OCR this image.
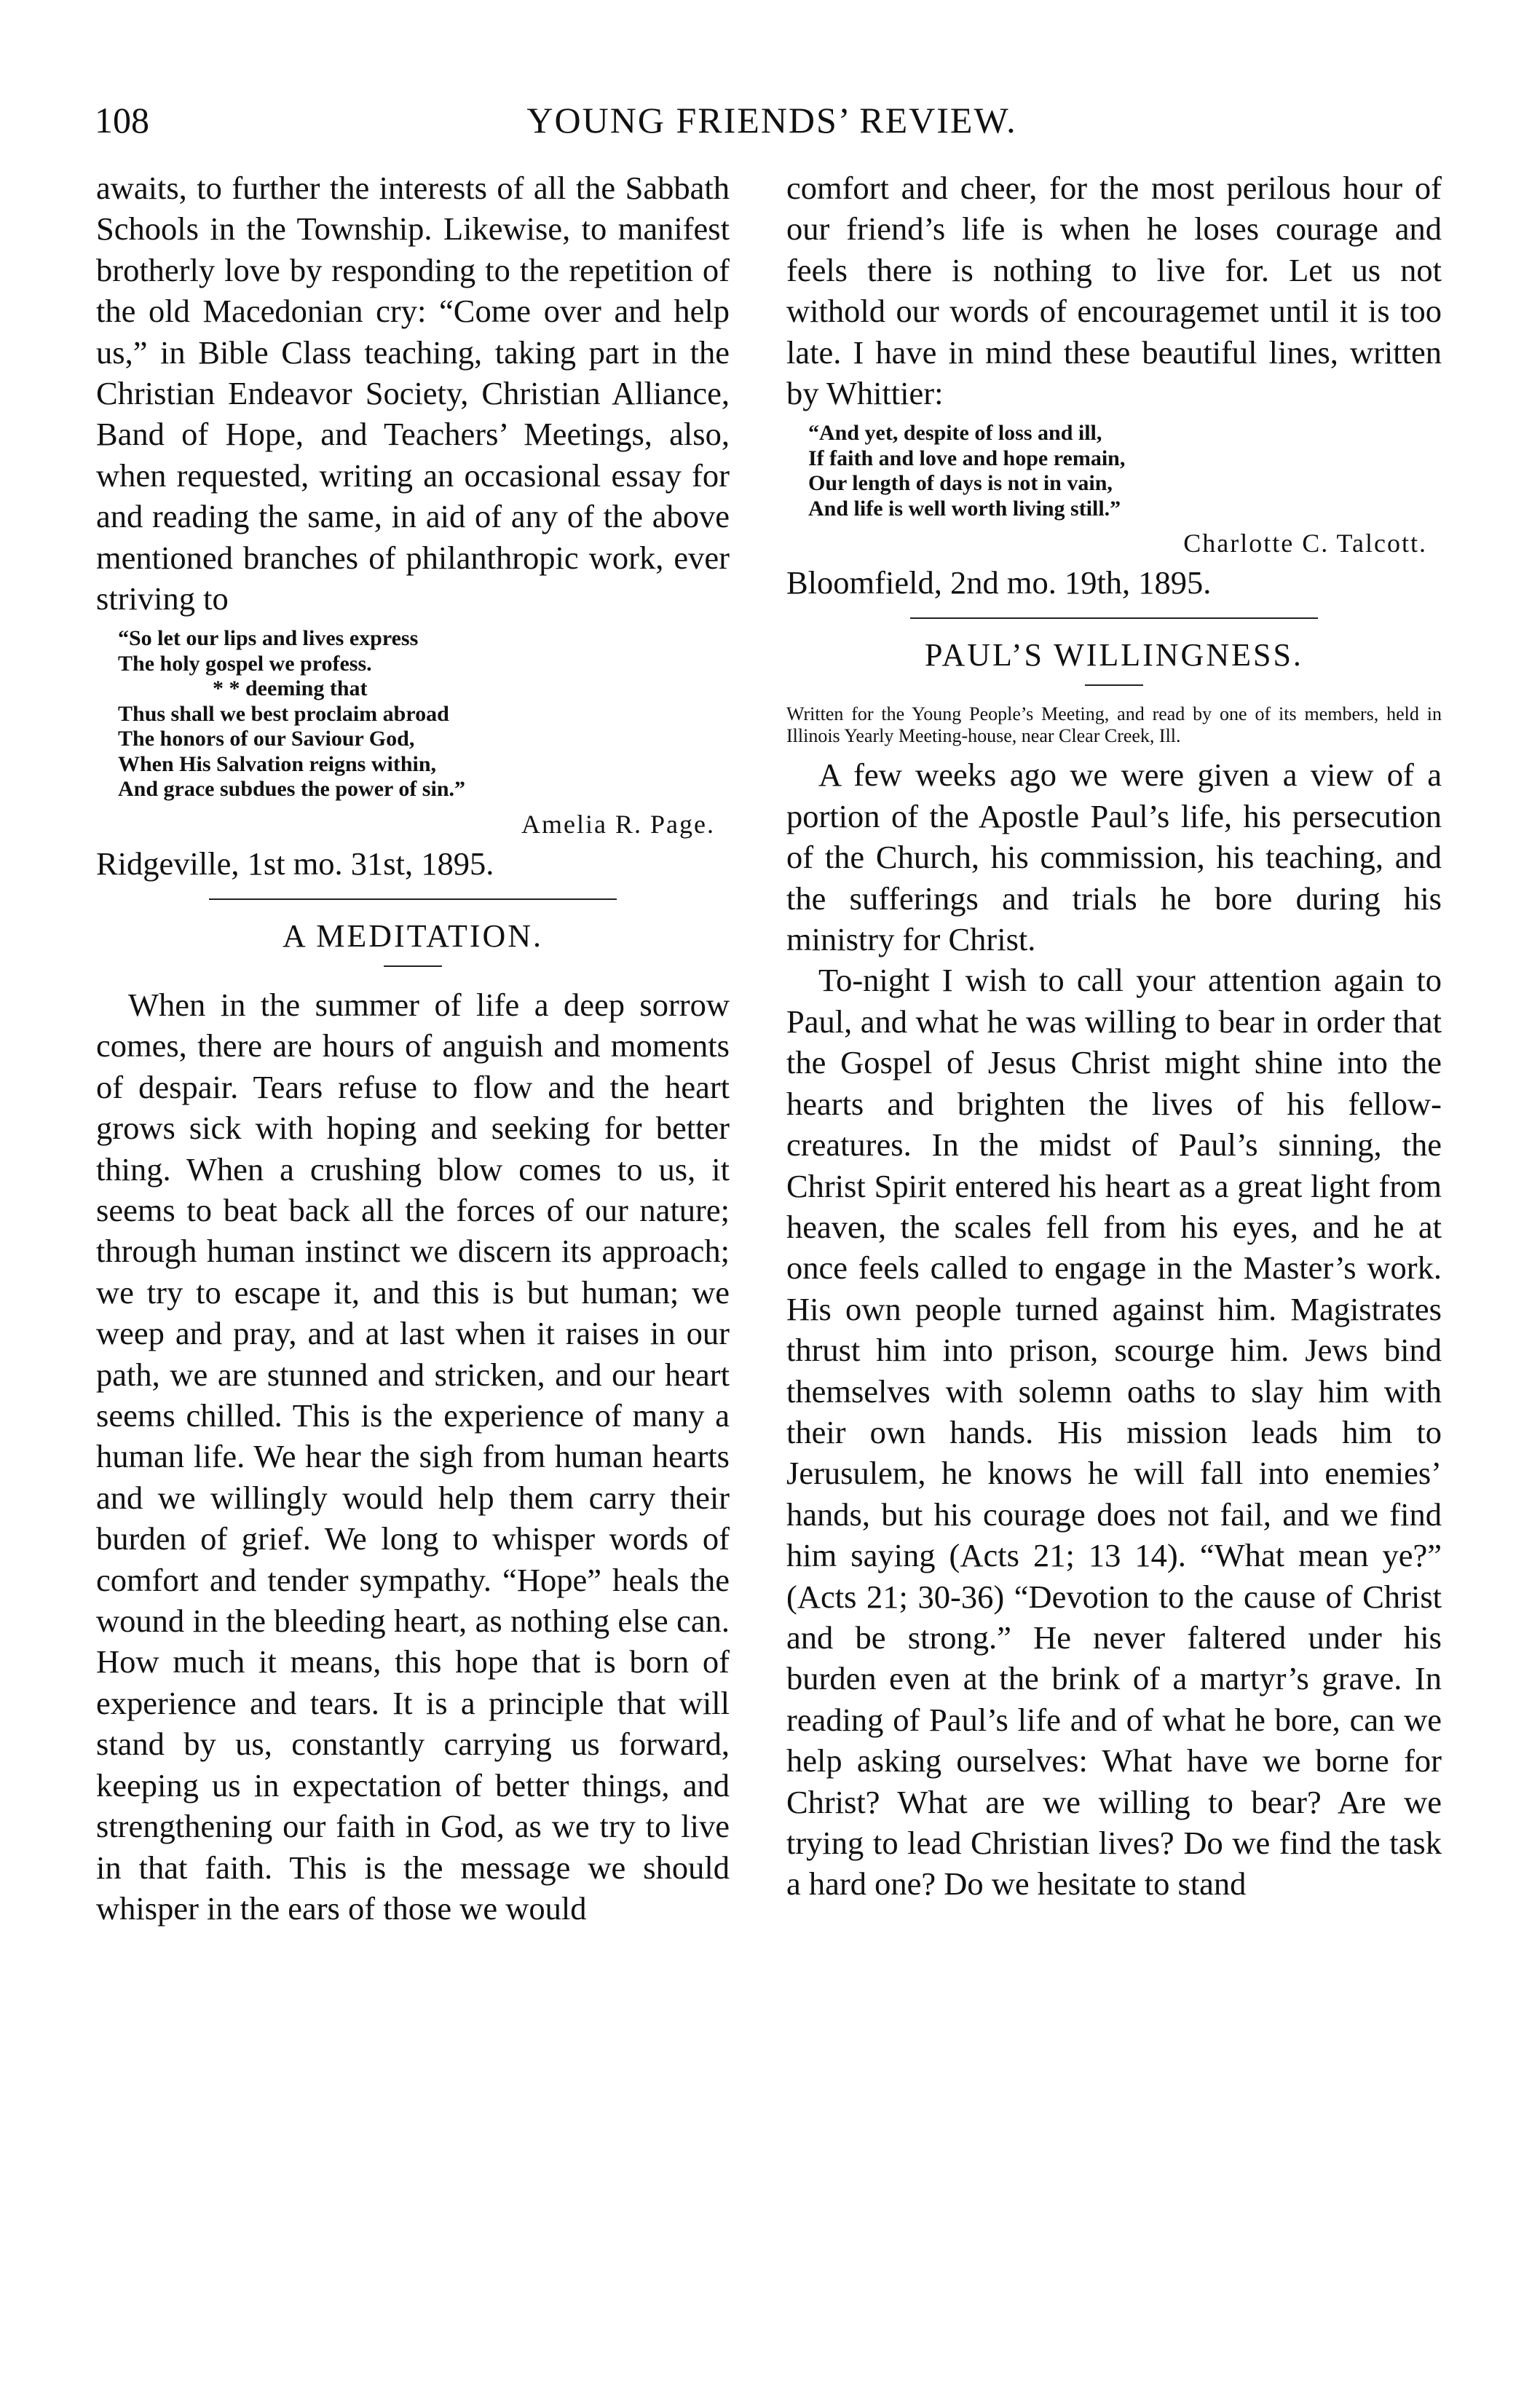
108	YOUNG FRIENDS’ REVIEW.

awaits, to further the interests of all the Sabbath Schools in the Township. Likewise, to manifest brotherly love by responding to the repetition of the old Macedonian cry: “Come over and help us,” in Bible Class teaching, taking part in the Christian Endeavor Society, Christian Alliance, Band of Hope, and Teachers’ Meetings, also, when requested, writing an occasional essay for and reading the same, in aid of any of the above mentioned branches of philanthropic work, ever striving to

“So let our lips and lives express
The holy gospel we profess.
* * deeming that
Thus shall we best proclaim abroad
The honors of our Saviour God,
When His Salvation reigns within,
And grace subdues the power of sin.”

Amelia R. Page.

Ridgeville, 1st mo. 31st, 1895.

A MEDITATION.

When in the summer of life a deep sorrow comes, there are hours of anguish and moments of despair. Tears refuse to flow and the heart grows sick with hoping and seeking for better thing. When a crushing blow comes to us, it seems to beat back all the forces of our nature; through human instinct we discern its approach; we try to escape it, and this is but human; we weep and pray, and at last when it raises in our path, we are stunned and stricken, and our heart seems chilled. This is the experience of many a human life. We hear the sigh from human hearts and we willingly would help them carry their burden of grief. We long to whisper words of comfort and tender sympathy. “Hope” heals the wound in the bleeding heart, as nothing else can. How much it means, this hope that is born of experience and tears. It is a principle that will stand by us, constantly carrying us forward, keeping us in expectation of better things, and strengthening our faith in God, as we try to live in that faith. This is the message we should whisper in the ears of those we would

comfort and cheer, for the most perilous hour of our friend’s life is when he loses courage and feels there is nothing to live for. Let us not withold our words of encouragemet until it is too late. I have in mind these beautiful lines, written by Whittier:

“And yet, despite of loss and ill,
If faith and love and hope remain,
Our length of days is not in vain,
And life is well worth living still.”

Charlotte C. Talcott.

Bloomfield, 2nd mo. 19th, 1895.

PAUL’S WILLINGNESS.

Written for the Young People’s Meeting, and read by one of its members, held in Illinois Yearly Meeting-house, near Clear Creek, Ill.

A few weeks ago we were given a view of a portion of the Apostle Paul’s life, his persecution of the Church, his commission, his teaching, and the sufferings and trials he bore during his ministry for Christ.

To-night I wish to call your attention again to Paul, and what he was willing to bear in order that the Gospel of Jesus Christ might shine into the hearts and brighten the lives of his fellow-creatures. In the midst of Paul’s sinning, the Christ Spirit entered his heart as a great light from heaven, the scales fell from his eyes, and he at once feels called to engage in the Master’s work. His own people turned against him. Magistrates thrust him into prison, scourge him. Jews bind themselves with solemn oaths to slay him with their own hands. His mission leads him to Jerusulem, he knows he will fall into enemies’ hands, but his courage does not fail, and we find him saying (Acts 21; 13 14). “What mean ye?” (Acts 21; 30-36) “Devotion to the cause of Christ and be strong.” He never faltered under his burden even at the brink of a martyr’s grave. In reading of Paul’s life and of what he bore, can we help asking ourselves: What have we borne for Christ? What are we willing to bear? Are we trying to lead Christian lives? Do we find the task a hard one? Do we hesitate to stand
